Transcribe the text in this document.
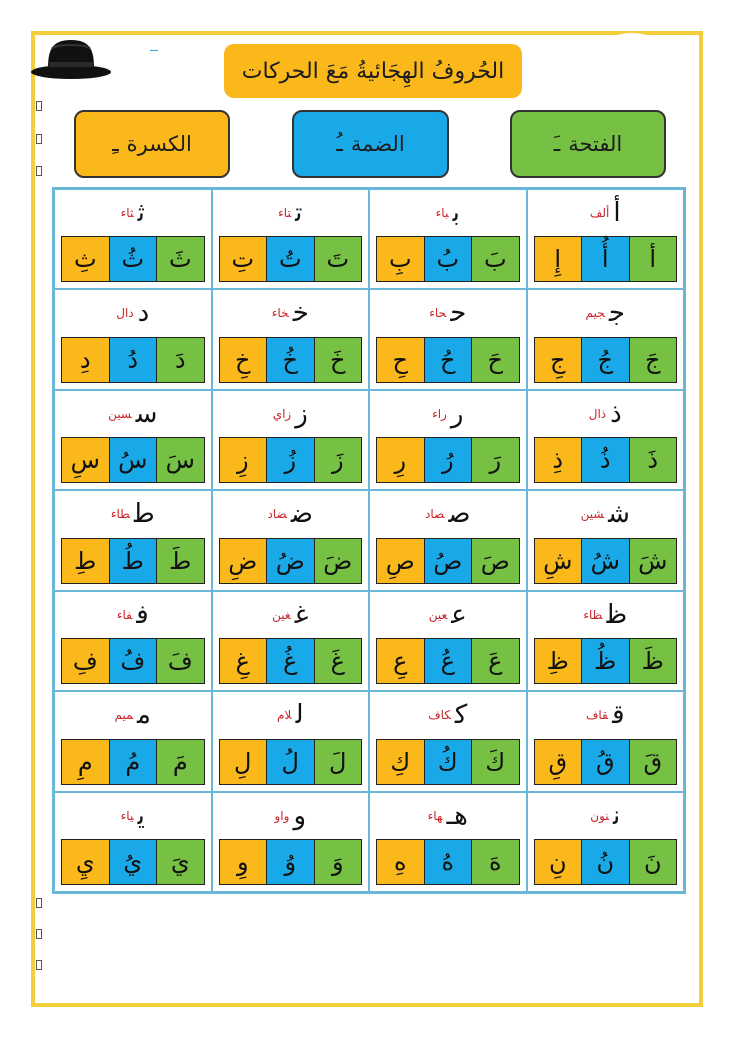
الحُروفُ الهِجَائيةُ مَعَ الحركات
الفتحة
ـَ
الضمة
ـُ
الكسرة
ـِ
أألف
أ
أُ
إِ
بباء
بَ
بُ
بِ
تتاء
تَ
تُ
تِ
ثثاء
ثَ
ثُ
ثِ
ججيم
جَ
جُ
جِ
ححاء
حَ
حُ
حِ
خخاء
خَ
خُ
خِ
ددال
دَ
دُ
دِ
ذذال
ذَ
ذُ
ذِ
رراء
رَ
رُ
رِ
ززاي
زَ
زُ
زِ
سسين
سَ
سُ
سِ
ششين
شَ
شُ
شِ
صصاد
صَ
صُ
صِ
ضضاد
ضَ
ضُ
ضِ
ططاء
طَ
طُ
طِ
ظظاء
ظَ
ظُ
ظِ
ععين
عَ
عُ
عِ
غغين
غَ
غُ
غِ
ففاء
فَ
فُ
فِ
ققاف
قَ
قُ
قِ
ككاف
كَ
كُ
كِ
للام
لَ
لُ
لِ
مميم
مَ
مُ
مِ
ننون
نَ
نُ
نِ
هـهاء
هَ
هُ
هِ
وواو
وَ
وُ
وِ
يياء
يَ
يُ
يِ
